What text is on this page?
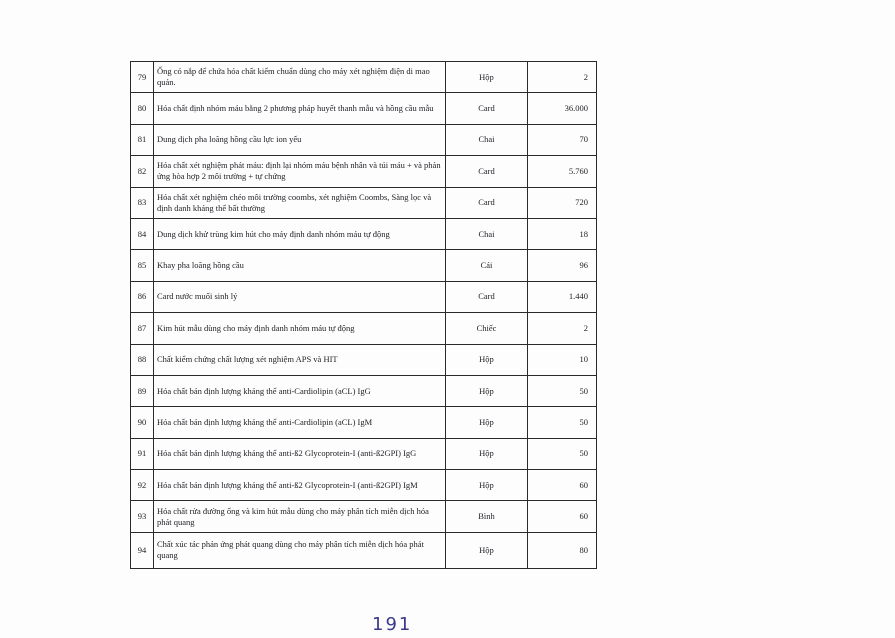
79	Ống có nắp để chứa hóa chất kiểm chuẩn dùng cho máy xét nghiệm điện di mao quản.	Hộp	2
80	Hóa chất định nhóm máu bằng 2 phương pháp huyết thanh mẫu và hồng cầu mẫu	Card	36.000
81	Dung dịch pha loãng hồng cầu lực ion yếu	Chai	70
82	Hóa chất xét nghiệm phát máu: định lại nhóm máu bệnh nhân và túi máu + và phản ứng hòa hợp 2 môi trường + tự chứng	Card	5.760
83	Hóa chất xét nghiệm chéo môi trường coombs, xét nghiệm Coombs, Sàng lọc và định danh kháng thể bất thường	Card	720
84	Dung dịch khử trùng kim hút cho máy định danh nhóm máu tự động	Chai	18
85	Khay pha loãng hồng cầu	Cái	96
86	Card nước muối sinh lý	Card	1.440
87	Kim hút mẫu dùng cho máy định danh nhóm máu tự động	Chiếc	2
88	Chất kiểm chứng chất lượng xét nghiệm APS và HIT	Hộp	10
89	Hóa chất bán định lượng kháng thể anti-Cardiolipin (aCL) IgG	Hộp	50
90	Hóa chất bán định lượng kháng thể anti-Cardiolipin (aCL) IgM	Hộp	50
91	Hóa chất bán định lượng kháng thể anti-ß2 Glycoprotein-I (anti-ß2GPI) IgG	Hộp	50
92	Hóa chất bán định lượng kháng thể anti-ß2 Glycoprotein-I (anti-ß2GPI) IgM	Hộp	60
93	Hóa chất rửa đường ống và kim hút mẫu dùng cho máy phân tích miễn dịch hóa phát quang	Bình	60
94	Chất xúc tác phản ứng phát quang dùng cho máy phân tích miễn dịch hóa phát quang	Hộp	80
191
